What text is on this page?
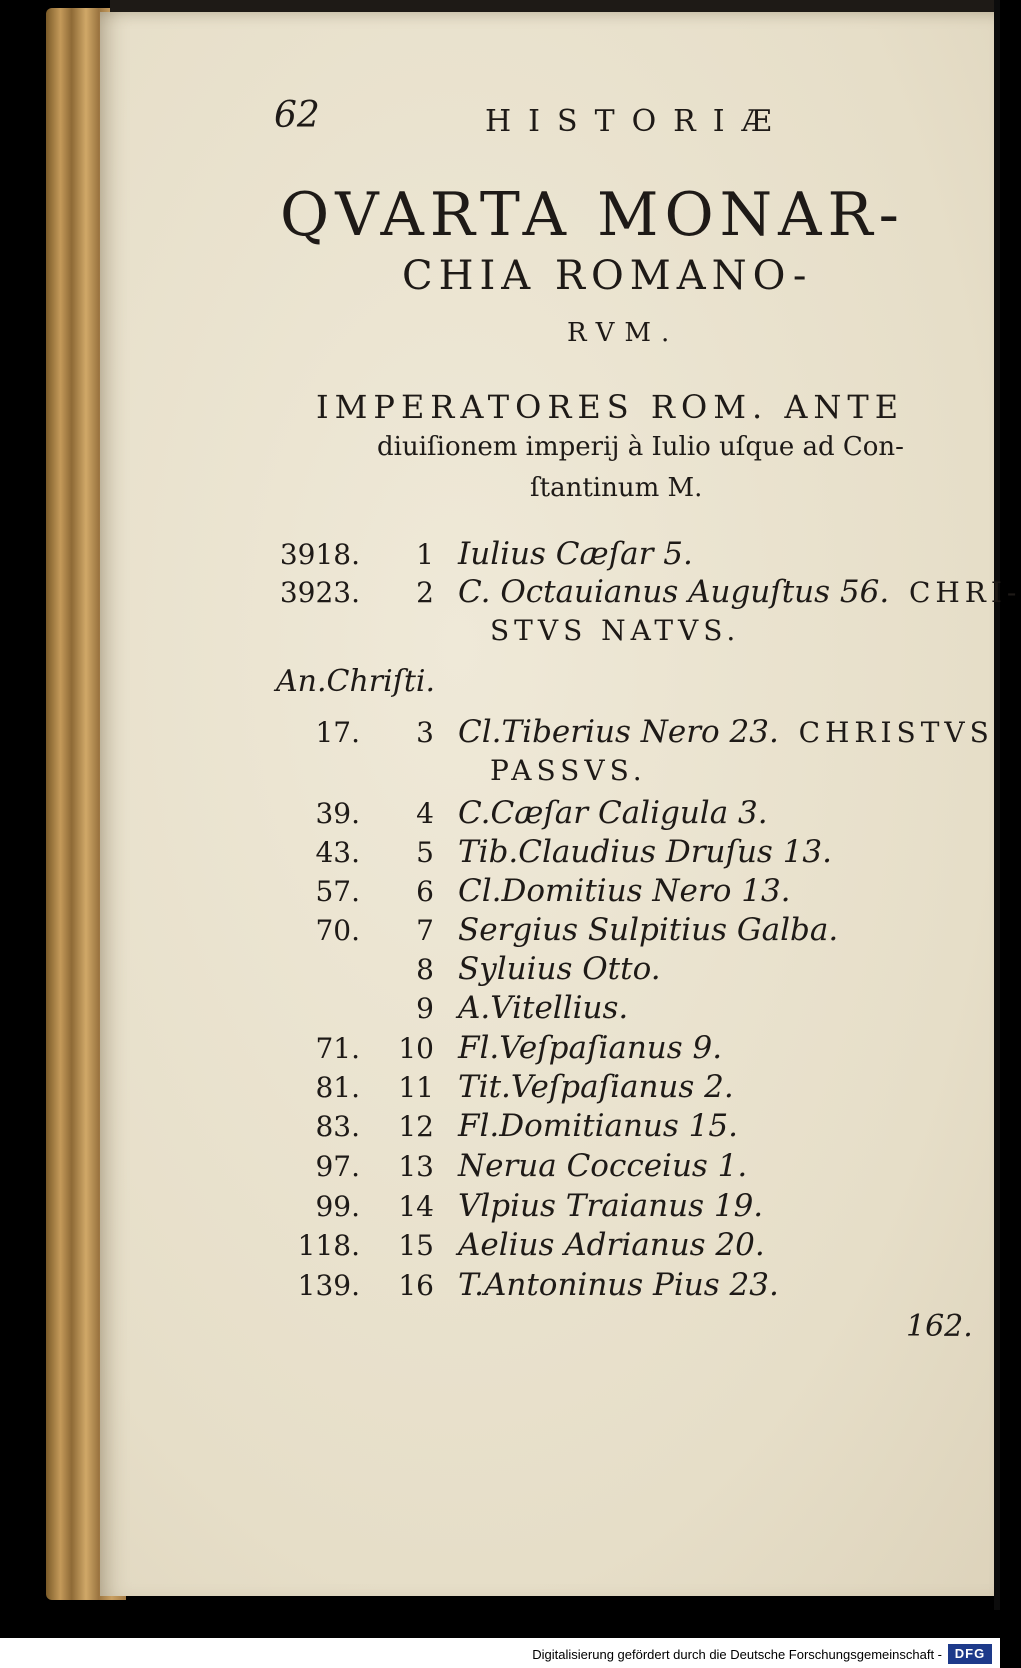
62	HISTORIÆ
QVARTA MONAR-
CHIA ROMANO-
RVM.
IMPERATORES ROM. ANTE
diuiſionem imperij à Iulio uſque ad Con-
ſtantinum M.
An.Chriſti.
3918. 1 Iulius Cæſar 5.
3923. 2 C. Octauianus Auguſtus 56. CHRI-
STVS NATVS.
17. 3 Cl.Tiberius Nero 23. CHRISTVS
PASSVS.
39. 4 C.Cæſar Caligula 3.
43. 5 Tib.Claudius Druſus 13.
57. 6 Cl.Domitius Nero 13.
70. 7 Sergius Sulpitius Galba.
8 Syluius Otto.
9 A.Vitellius.
71. 10 Fl.Veſpaſianus 9.
81. 11 Tit.Veſpaſianus 2.
83. 12 Fl.Domitianus 15.
97. 13 Nerua Cocceius 1.
99. 14 Vlpius Traianus 19.
118. 15 Aelius Adrianus 20.
139. 16 T.Antoninus Pius 23.
162.
Digitalisierung gefördert durch die Deutsche Forschungsgemeinschaft - DFG
